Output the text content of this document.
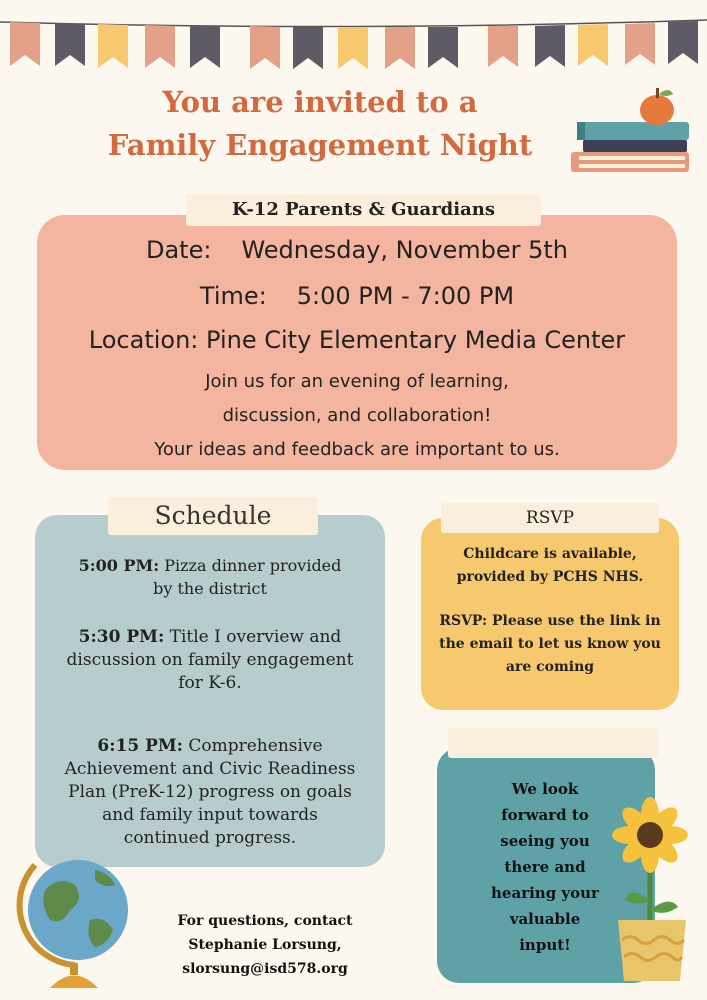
You are invited to a
Family Engagement Night
K-12 Parents & Guardians
Date: Wednesday, November 5th
Time: 5:00 PM - 7:00 PM
Location: Pine City Elementary Media Center
Join us for an evening of learning,
discussion, and collaboration!
Your ideas and feedback are important to us.
Schedule
5:00 PM: Pizza dinner provided
by the district
5:30 PM: Title I overview and
discussion on family engagement
for K-6.
6:15 PM: Comprehensive
Achievement and Civic Readiness
Plan (PreK-12) progress on goals
and family input towards
continued progress.
RSVP
Childcare is available,
provided by PCHS NHS.
RSVP: Please use the link in
the email to let us know you
are coming
We look
forward to
seeing you
there and
hearing your
valuable
input!
For questions, contact
Stephanie Lorsung,
slorsung@isd578.org
